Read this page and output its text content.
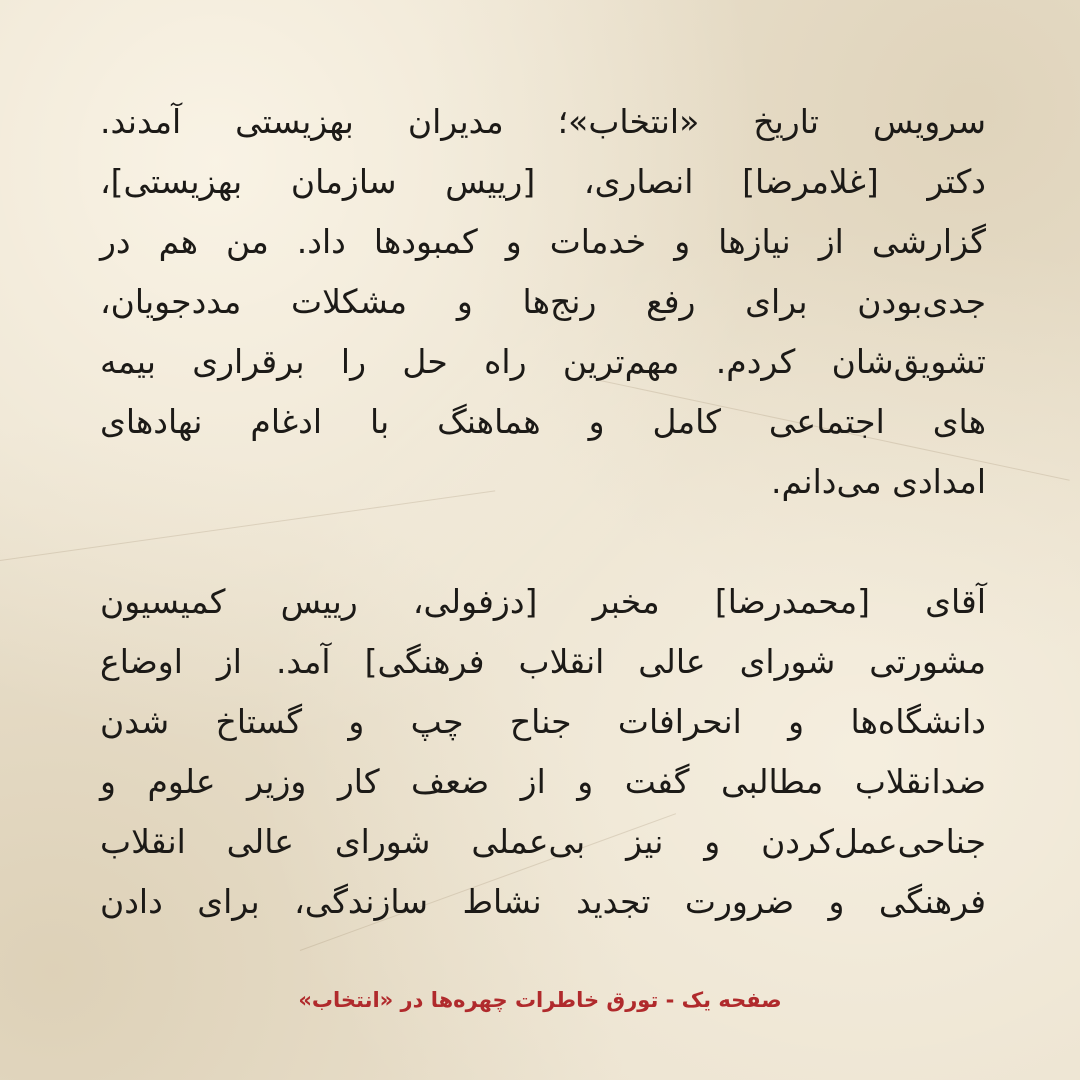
سرویس تاریخ «انتخاب»؛ مدیران بهزیستی آمدند.
دکتر [غلامرضا] انصاری، [رییس سازمان بهزیستی]،
گزارشی از نیازها و خدمات و کمبودها داد. من هم در
جدی‌بودن برای رفع رنج‌ها و مشکلات مددجویان،
تشویق‌شان کردم. مهم‌ترین راه حل را برقراری بیمه
های اجتماعی کامل و هماهنگ با ادغام نهادهای
امدادی می‌دانم.
آقای [محمدرضا] مخبر [دزفولی، رییس کمیسیون
مشورتی شورای عالی انقلاب فرهنگی] آمد. از اوضاع
دانشگاه‌ها و انحرافات جناح چپ و گستاخ شدن
ضدانقلاب مطالبی گفت و از ضعف کار وزیر علوم و
جناحی‌عمل‌کردن و نیز بی‌عملی شورای عالی انقلاب
فرهنگی و ضرورت تجدید نشاط سازندگی، برای دادن
صفحه یک - تورق خاطرات چهره‌ها در «انتخاب»
